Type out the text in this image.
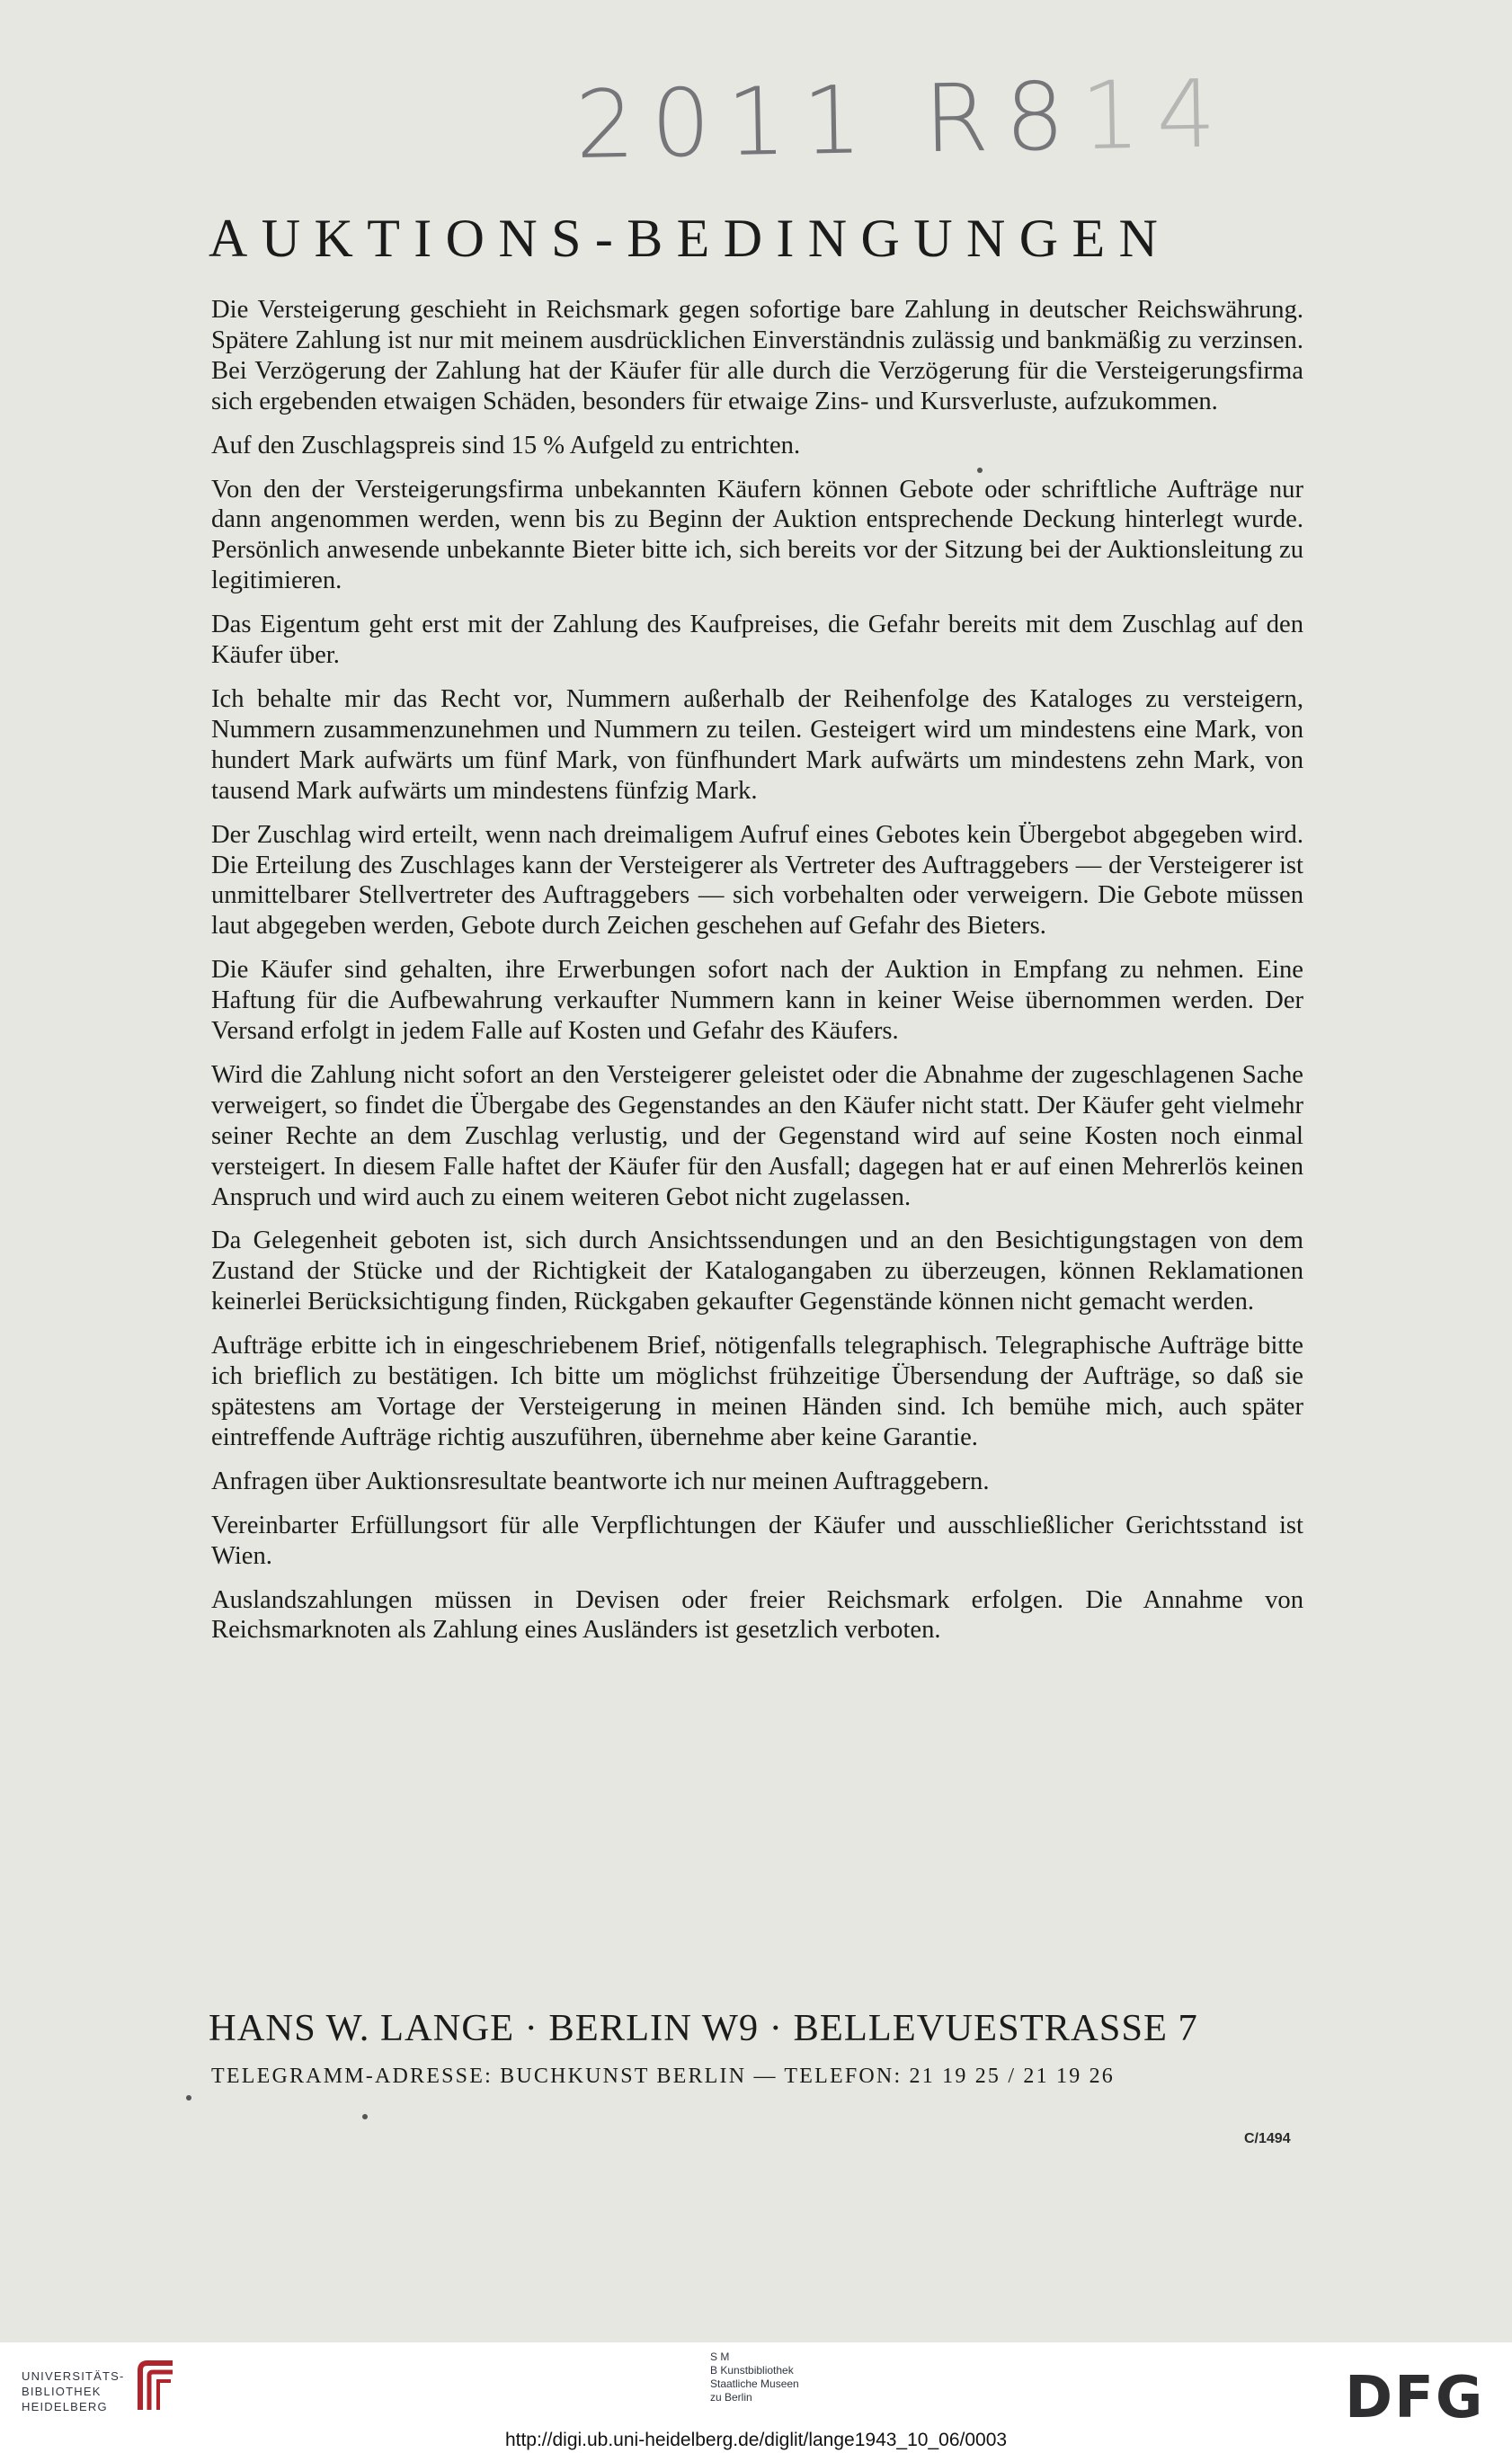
2011 R814
AUKTIONS-BEDINGUNGEN

Die Versteigerung geschieht in Reichsmark gegen sofortige bare Zahlung in deutscher Reichswährung. Spätere Zahlung ist nur mit meinem ausdrücklichen Einverständnis zulässig und bankmäßig zu verzinsen. Bei Verzögerung der Zahlung hat der Käufer für alle durch die Verzögerung für die Versteigerungsfirma sich ergebenden etwaigen Schäden, besonders für etwaige Zins- und Kursverluste, aufzukommen.

Auf den Zuschlagspreis sind 15 % Aufgeld zu entrichten.

Von den der Versteigerungsfirma unbekannten Käufern können Gebote oder schriftliche Aufträge nur dann angenommen werden, wenn bis zu Beginn der Auktion entsprechende Deckung hinterlegt wurde. Persönlich anwesende unbekannte Bieter bitte ich, sich bereits vor der Sitzung bei der Auktionsleitung zu legitimieren.

Das Eigentum geht erst mit der Zahlung des Kaufpreises, die Gefahr bereits mit dem Zuschlag auf den Käufer über.

Ich behalte mir das Recht vor, Nummern außerhalb der Reihenfolge des Kataloges zu versteigern, Nummern zusammenzunehmen und Nummern zu teilen. Gesteigert wird um mindestens eine Mark, von hundert Mark aufwärts um fünf Mark, von fünfhundert Mark aufwärts um mindestens zehn Mark, von tausend Mark aufwärts um mindestens fünfzig Mark.

Der Zuschlag wird erteilt, wenn nach dreimaligem Aufruf eines Gebotes kein Übergebot abgegeben wird. Die Erteilung des Zuschlages kann der Versteigerer als Vertreter des Auftraggebers — der Versteigerer ist unmittelbarer Stellvertreter des Auftraggebers — sich vorbehalten oder verweigern. Die Gebote müssen laut abgegeben werden, Gebote durch Zeichen geschehen auf Gefahr des Bieters.

Die Käufer sind gehalten, ihre Erwerbungen sofort nach der Auktion in Empfang zu nehmen. Eine Haftung für die Aufbewahrung verkaufter Nummern kann in keiner Weise übernommen werden. Der Versand erfolgt in jedem Falle auf Kosten und Gefahr des Käufers.

Wird die Zahlung nicht sofort an den Versteigerer geleistet oder die Abnahme der zugeschlagenen Sache verweigert, so findet die Übergabe des Gegenstandes an den Käufer nicht statt. Der Käufer geht vielmehr seiner Rechte an dem Zuschlag verlustig, und der Gegenstand wird auf seine Kosten noch einmal versteigert. In diesem Falle haftet der Käufer für den Ausfall; dagegen hat er auf einen Mehrerlös keinen Anspruch und wird auch zu einem weiteren Gebot nicht zugelassen.

Da Gelegenheit geboten ist, sich durch Ansichtssendungen und an den Besichtigungstagen von dem Zustand der Stücke und der Richtigkeit der Katalogangaben zu überzeugen, können Reklamationen keinerlei Berücksichtigung finden, Rückgaben gekaufter Gegenstände können nicht gemacht werden.

Aufträge erbitte ich in eingeschriebenem Brief, nötigenfalls telegraphisch. Telegraphische Aufträge bitte ich brieflich zu bestätigen. Ich bitte um möglichst frühzeitige Übersendung der Aufträge, so daß sie spätestens am Vortage der Versteigerung in meinen Händen sind. Ich bemühe mich, auch später eintreffende Aufträge richtig auszuführen, übernehme aber keine Garantie.

Anfragen über Auktionsresultate beantworte ich nur meinen Auftraggebern.

Vereinbarter Erfüllungsort für alle Verpflichtungen der Käufer und ausschließlicher Gerichtsstand ist Wien.

Auslandszahlungen müssen in Devisen oder freier Reichsmark erfolgen. Die Annahme von Reichsmarknoten als Zahlung eines Ausländers ist gesetzlich verboten.

HANS W. LANGE · BERLIN W9 · BELLEVUESTRASSE 7
TELEGRAMM-ADRESSE: BUCHKUNST BERLIN — TELEFON: 21 19 25 / 21 19 26
C/1494
UNIVERSITÄTS-
BIBLIOTHEK
HEIDELBERG
S M
B Kunstbibliothek
Staatliche Museen
zu Berlin	DFG
http://digi.ub.uni-heidelberg.de/diglit/lange1943_10_06/0003
